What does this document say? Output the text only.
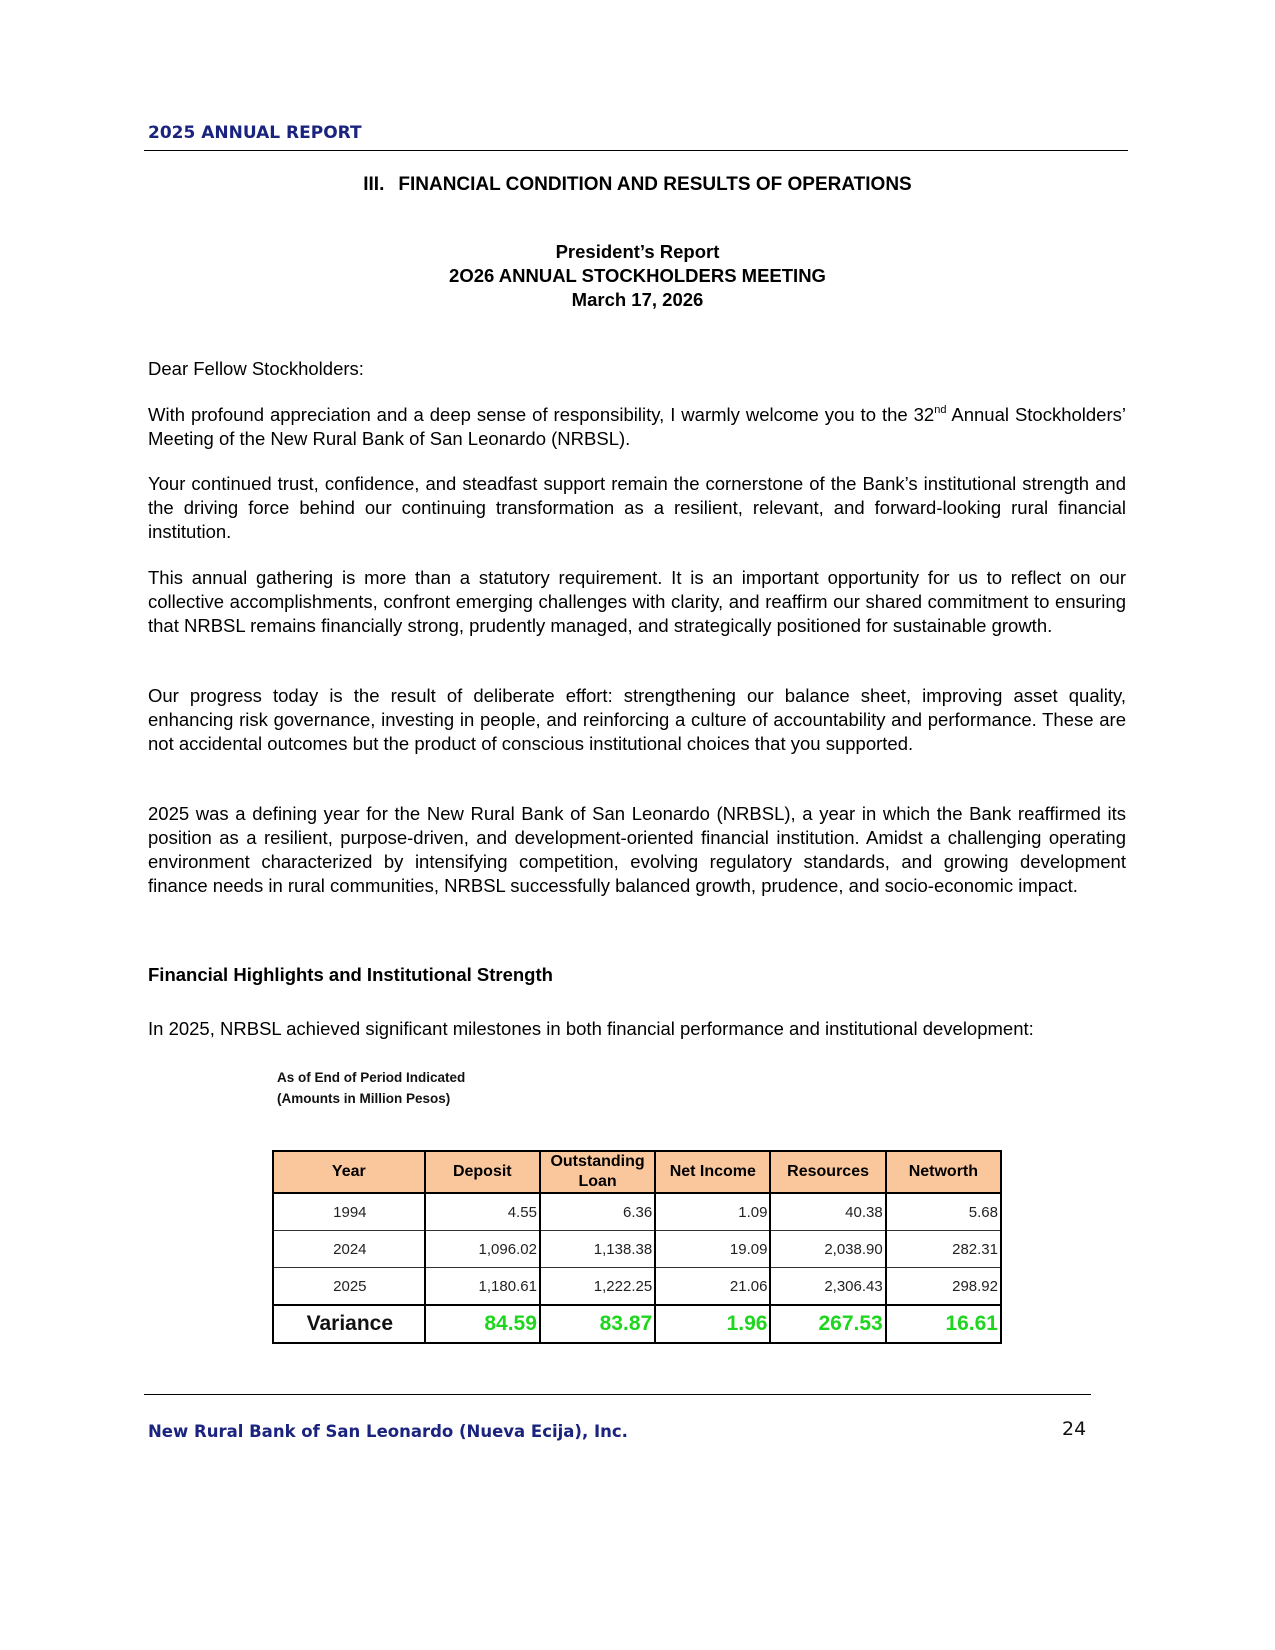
2025 ANNUAL REPORT
III. FINANCIAL CONDITION AND RESULTS OF OPERATIONS
President’s Report
2O26 ANNUAL STOCKHOLDERS MEETING
March 17, 2026

Dear Fellow Stockholders:

With profound appreciation and a deep sense of responsibility, I warmly welcome you to the 32nd Annual Stockholders’ Meeting of the New Rural Bank of San Leonardo (NRBSL).

Your continued trust, confidence, and steadfast support remain the cornerstone of the Bank’s institutional strength and the driving force behind our continuing transformation as a resilient, relevant, and forward-looking rural financial institution.

This annual gathering is more than a statutory requirement. It is an important opportunity for us to reflect on our collective accomplishments, confront emerging challenges with clarity, and reaffirm our shared commitment to ensuring that NRBSL remains financially strong, prudently managed, and strategically positioned for sustainable growth.

Our progress today is the result of deliberate effort: strengthening our balance sheet, improving asset quality, enhancing risk governance, investing in people, and reinforcing a culture of accountability and performance. These are not accidental outcomes but the product of conscious institutional choices that you supported.

2025 was a defining year for the New Rural Bank of San Leonardo (NRBSL), a year in which the Bank reaffirmed its position as a resilient, purpose-driven, and development-oriented financial institution. Amidst a challenging operating environment characterized by intensifying competition, evolving regulatory standards, and growing development finance needs in rural communities, NRBSL successfully balanced growth, prudence, and socio-economic impact.

Financial Highlights and Institutional Strength

In 2025, NRBSL achieved significant milestones in both financial performance and institutional development:

As of End of Period Indicated
(Amounts in Million Pesos)
Year	Deposit	Outstanding Loan	Net Income	Resources	Networth
1994	4.55	6.36	1.09	40.38	5.68
2024	1,096.02	1,138.38	19.09	2,038.90	282.31
2025	1,180.61	1,222.25	21.06	2,306.43	298.92
Variance	84.59	83.87	1.96	267.53	16.61
New Rural Bank of San Leonardo (Nueva Ecija), Inc.	24
